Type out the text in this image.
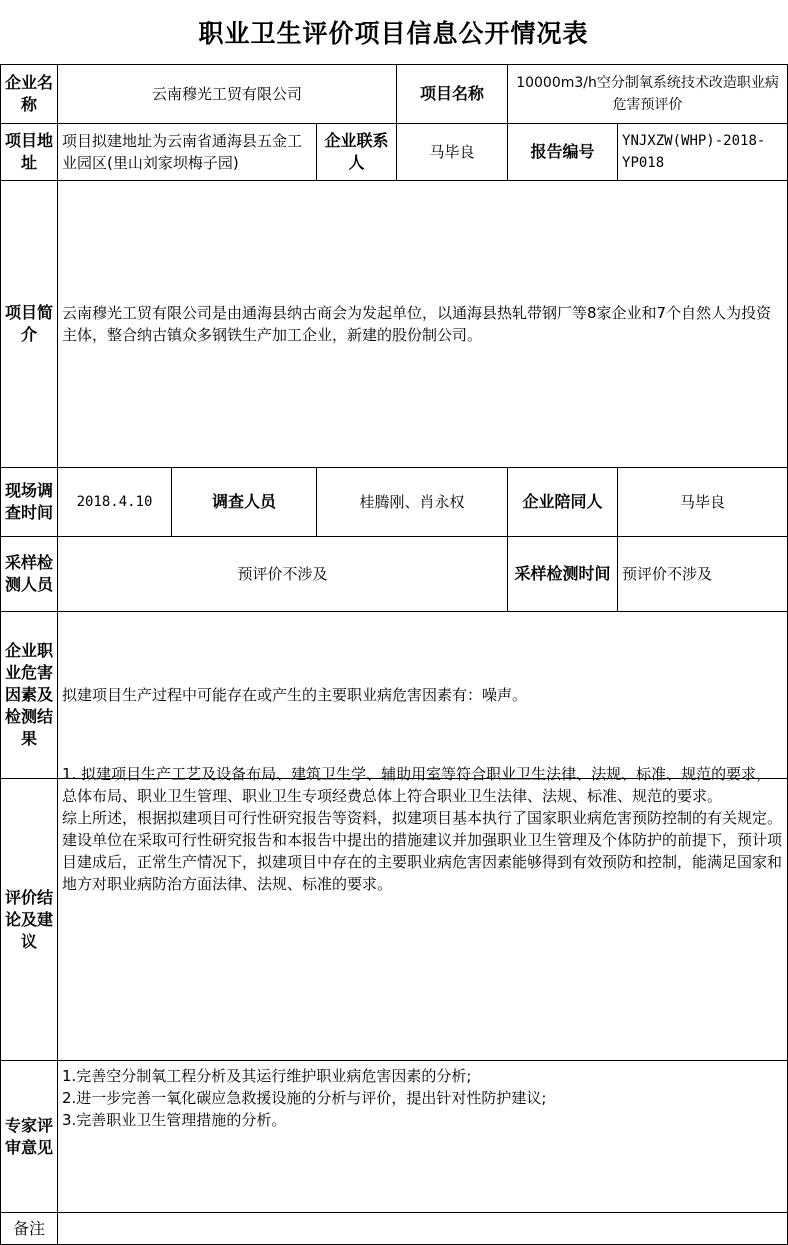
职业卫生评价项目信息公开情况表
企业名称	云南穆光工贸有限公司			项目名称	10000m3/h空分制氧系统技术改造职业病危害预评价	
项目地址	项目拟建地址为云南省通海县五金工业园区(里山刘家坝梅子园)		企业联系人	马毕良	报告编号	YNJXZW(WHP)-2018-YP018
项目简介	云南穆光工贸有限公司是由通海县纳古商会为发起单位，以通海县热轧带钢厂等8家企业和7个自然人为投资主体，整合纳古镇众多钢铁生产加工企业，新建的股份制公司。					
现场调查时间	2018.4.10	调查人员	桂腾刚、肖永权		企业陪同人	马毕良
采样检测人员	预评价不涉及				采样检测时间	预评价不涉及
企业职业危害因素及检测结果	拟建项目生产过程中可能存在或产生的主要职业病危害因素有：噪声。					
评价结论及建议	1. 拟建项目生产工艺及设备布局、建筑卫生学、辅助用室等符合职业卫生法律、法规、标准、规范的要求，总体布局、职业卫生管理、职业卫生专项经费总体上符合职业卫生法律、法规、标准、规范的要求。

综上所述，根据拟建项目可行性研究报告等资料，拟建项目基本执行了国家职业病危害预防控制的有关规定。建设单位在采取可行性研究报告和本报告中提出的措施建议并加强职业卫生管理及个体防护的前提下，预计项目建成后，正常生产情况下，拟建项目中存在的主要职业病危害因素能够得到有效预防和控制，能满足国家和地方对职业病防治方面法律、法规、标准的要求。					

专家评审意见	1.完善空分制氧工程分析及其运行维护职业病危害因素的分析;

2.进一步完善一氧化碳应急救援设施的分析与评价，提出针对性防护建议;

3.完善职业卫生管理措施的分析。					

备注						
